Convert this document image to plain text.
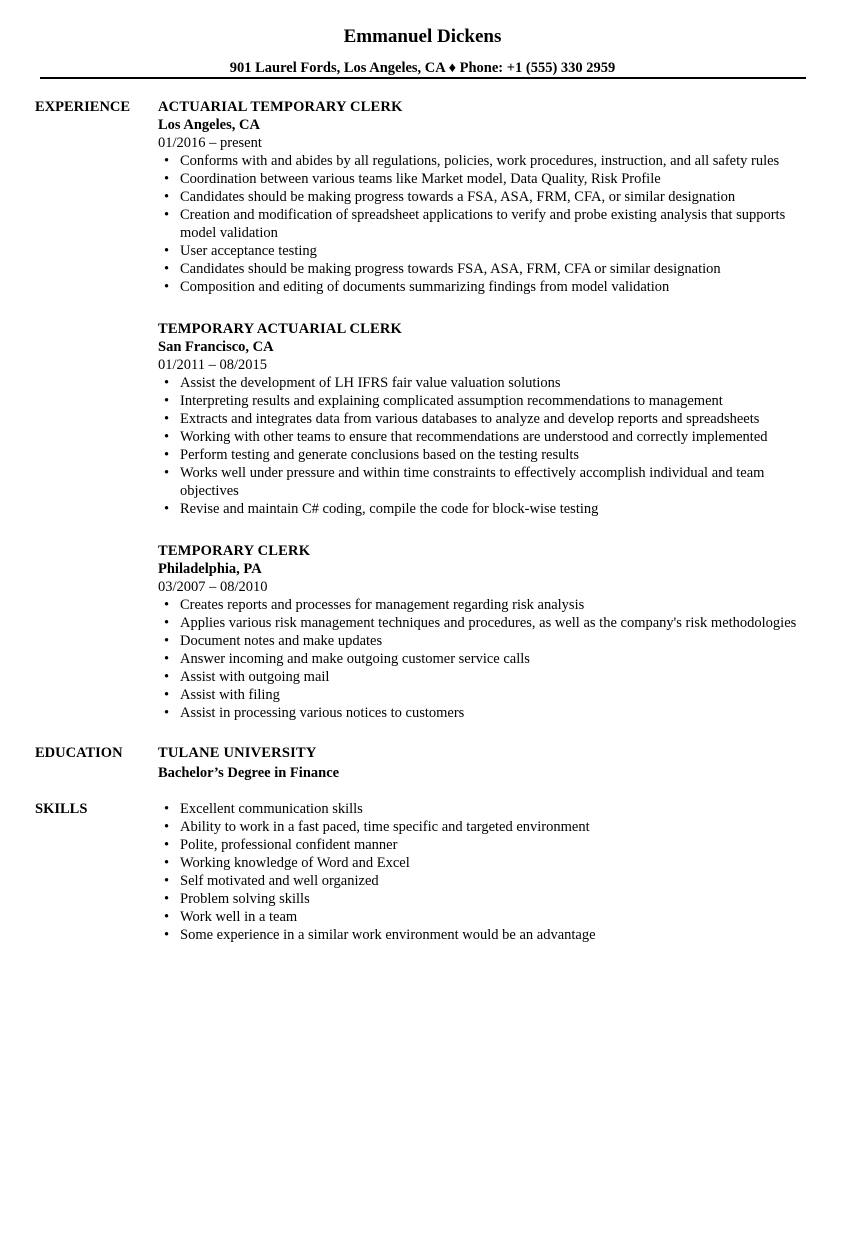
Emmanuel Dickens
901 Laurel Fords, Los Angeles, CA ♦ Phone: +1 (555) 330 2959
EXPERIENCE ACTUARIAL TEMPORARY CLERK
Los Angeles, CA
01/2016 – present
• Conforms with and abides by all regulations, policies, work procedures, instruction, and all safety rules
• Coordination between various teams like Market model, Data Quality, Risk Profile
• Candidates should be making progress towards a FSA, ASA, FRM, CFA, or similar designation
• Creation and modification of spreadsheet applications to verify and probe existing analysis that supports model validation
• User acceptance testing
• Candidates should be making progress towards FSA, ASA, FRM, CFA or similar designation
• Composition and editing of documents summarizing findings from model validation
TEMPORARY ACTUARIAL CLERK
San Francisco, CA
01/2011 – 08/2015
• Assist the development of LH IFRS fair value valuation solutions
• Interpreting results and explaining complicated assumption recommendations to management
• Extracts and integrates data from various databases to analyze and develop reports and spreadsheets
• Working with other teams to ensure that recommendations are understood and correctly implemented
• Perform testing and generate conclusions based on the testing results
• Works well under pressure and within time constraints to effectively accomplish individual and team objectives
• Revise and maintain C# coding, compile the code for block-wise testing
TEMPORARY CLERK
Philadelphia, PA
03/2007 – 08/2010
• Creates reports and processes for management regarding risk analysis
• Applies various risk management techniques and procedures, as well as the company's risk methodologies
• Document notes and make updates
• Answer incoming and make outgoing customer service calls
• Assist with outgoing mail
• Assist with filing
• Assist in processing various notices to customers
EDUCATION TULANE UNIVERSITY
Bachelor’s Degree in Finance
SKILLS
•	Excellent communication skills
• Ability to work in a fast paced, time specific and targeted environment
• Polite, professional confident manner
• Working knowledge of Word and Excel
• Self motivated and well organized
• Problem solving skills
• Work well in a team
• Some experience in a similar work environment would be an advantage
